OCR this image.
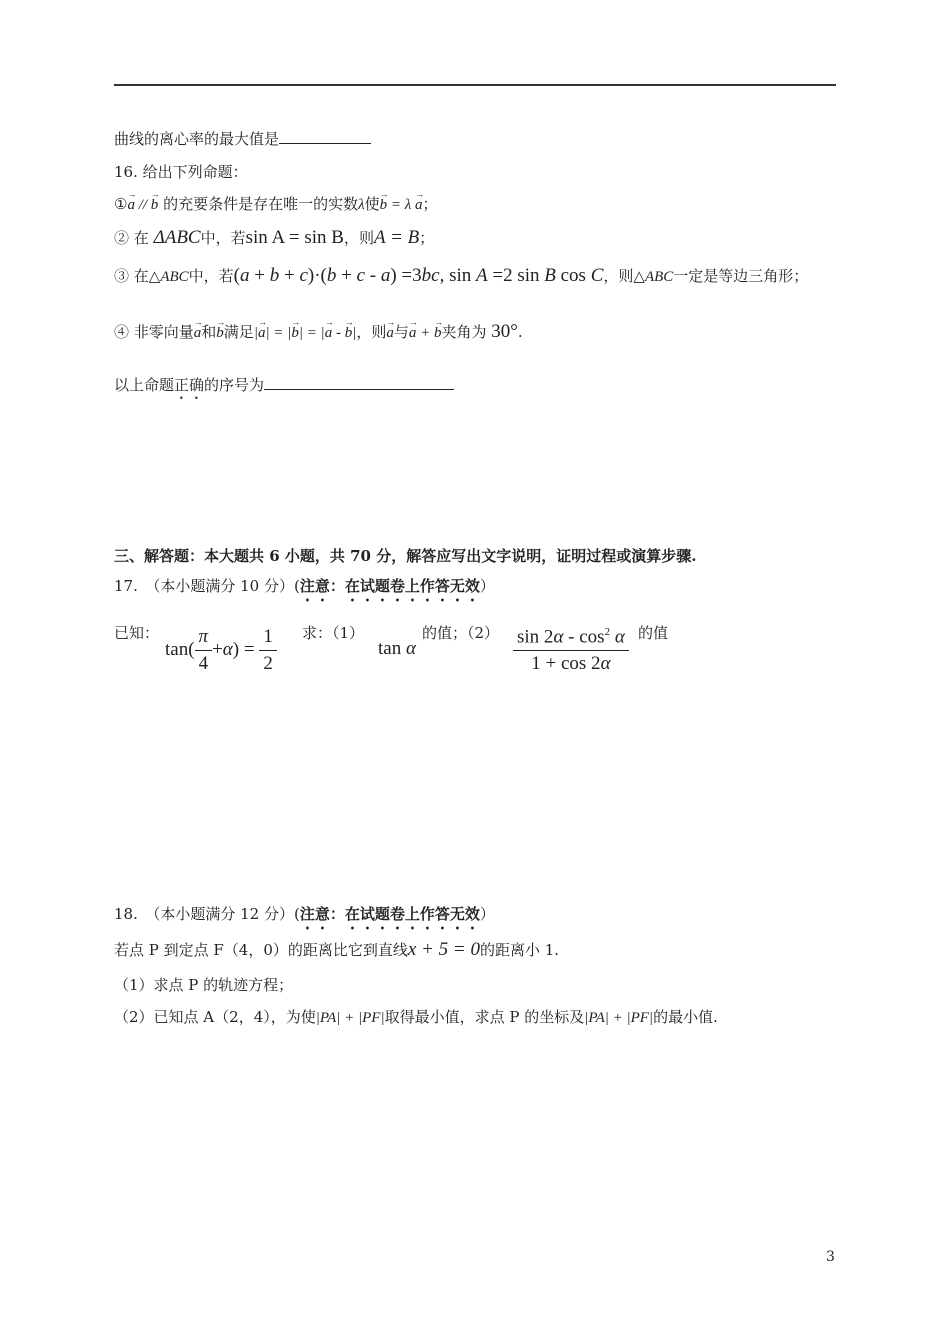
曲线的离心率的最大值是
16. 给出下列命题：
①→ a // → b 的充要条件是存在唯一的实数λ使→ b = λ → a；
② 在 ΔABC中，若sin A = sin B，则A = B；
③ 在△ABC中，若(a + b + c)·(b + c - a) =3bc, sin A =2 sin B cos C，则△ABC一定是等边三角形；
④ 非零向量→ a和→ b满足|→ a| = |→ b| = |→ a - → b|，则→ a与→ a + → b夹角为 30°.
以上命题正确的序号为
三、解答题：本大题共 6 小题，共 70 分，解答应写出文字说明，证明过程或演算步骤.
17.　（本小题满分 10 分）(注意：在试题卷上作答无效）
已知：
$\tan( \frac{\pi}{4} +\alpha) = \frac{1}{2}$ 求：（1）
tan α
的值；$(2) \frac{\sin 2\alpha - \cos^2 \alpha}{1 + \cos 2\alpha}$ 的值
18.　（本小题满分 12 分）(注意：在试题卷上作答无效）
若点 P 到定点 F（4，0）的距离比它到直线x + 5 = 0的距离小 1.
（1）求点 P 的轨迹方程；
（2）已知点 A（2，4），为使|PA| + |PF|取得最小值，求点 P 的坐标及|PA| + |PF|的最小值.
3
